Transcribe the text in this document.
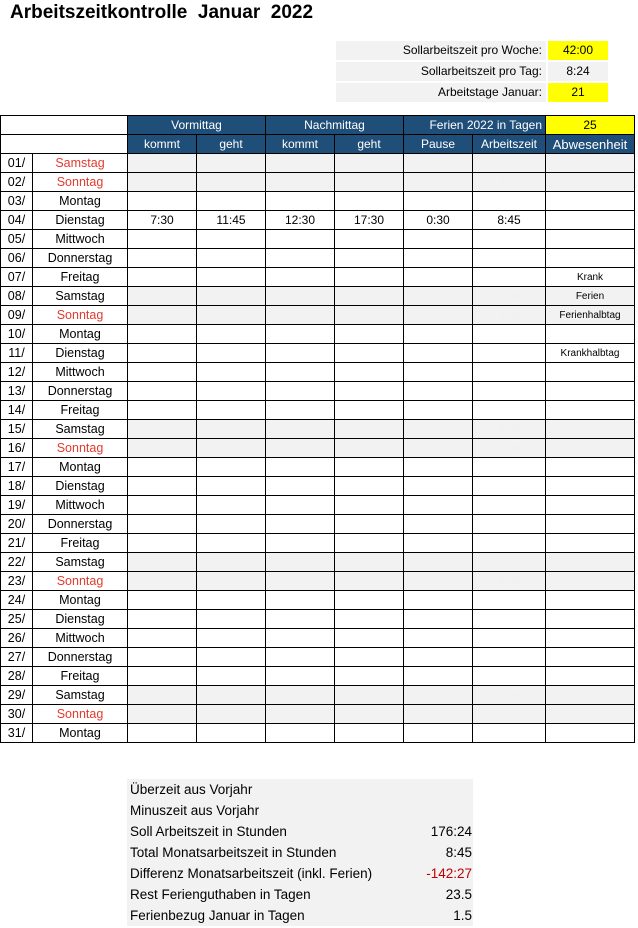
Arbeitszeitkontrolle  Januar  2022
Sollarbeitszeit pro Woche:	42:00
Sollarbeitszeit pro Tag:	8:24
Arbeitstage Januar:	21
		Vormittag		Nachmittag		Ferien 2022 in Tagen		25
		kommt	geht	kommt	geht	Pause	Arbeitszeit	Abwesenheit
01/	Samstag							
02/	Sonntag						0:00	
03/	Montag							
04/	Dienstag	7:30	11:45	12:30	17:30	0:30	8:45	
05/	Mittwoch							
06/	Donnerstag							
07/	Freitag							Krank
08/	Samstag						0:00	Ferien
09/	Sonntag						0:00	Ferienhalbtag
10/	Montag							
11/	Dienstag							Krankhalbtag
12/	Mittwoch							
13/	Donnerstag							
14/	Freitag							
15/	Samstag						0:00	
16/	Sonntag						0:00	
17/	Montag							
18/	Dienstag							
19/	Mittwoch							
20/	Donnerstag							
21/	Freitag							
22/	Samstag						0:00	
23/	Sonntag						0:00	
24/	Montag							
25/	Dienstag							
26/	Mittwoch							
27/	Donnerstag							
28/	Freitag							
29/	Samstag						0:00	
30/	Sonntag						0:00	
31/	Montag							
Überzeit aus Vorjahr
Minuszeit aus Vorjahr
Soll Arbeitszeit in Stunden	176:24
Total Monatsarbeitszeit in Stunden	8:45
Differenz Monatsarbeitszeit (inkl. Ferien)	-142:27
Rest Ferienguthaben in Tagen	23.5
Ferienbezug Januar in Tagen	1.5
